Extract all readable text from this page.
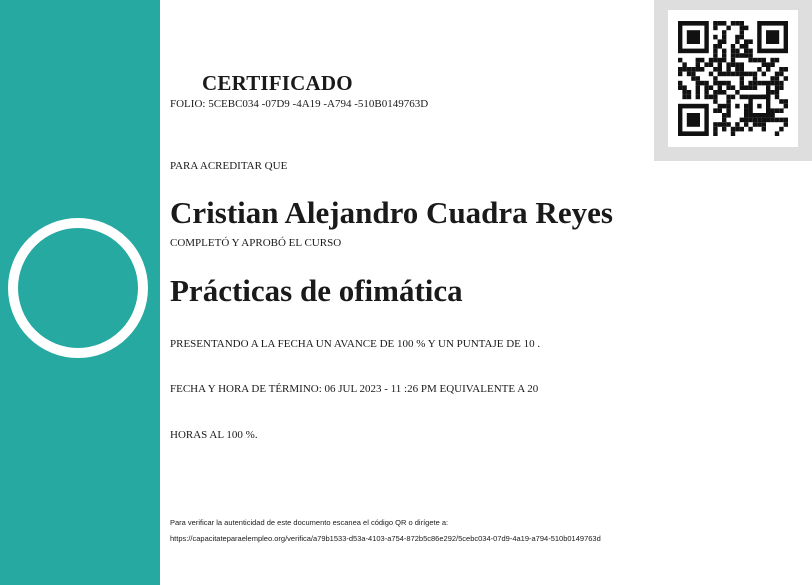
CERTIFICADO
FOLIO: 5CEBC034 -07D9 -4A19 -A794 -510B0149763D
PARA ACREDITAR QUE
Cristian Alejandro Cuadra Reyes
COMPLETÓ Y APROBÓ EL CURSO
Prácticas de ofimática
PRESENTANDO A LA FECHA UN AVANCE DE 100 % Y UN PUNTAJE DE 10 .
FECHA Y HORA DE TÉRMINO: 06 JUL 2023 - 11 :26 PM EQUIVALENTE A 20
HORAS AL 100 %.
Para verificar la autenticidad de este documento escanea el código QR o dirígete a:
https://capacitateparaelempleo.org/verifica/a79b1533-d53a-4103-a754-872b5c86e292/5cebc034-07d9-4a19-a794-510b0149763d
